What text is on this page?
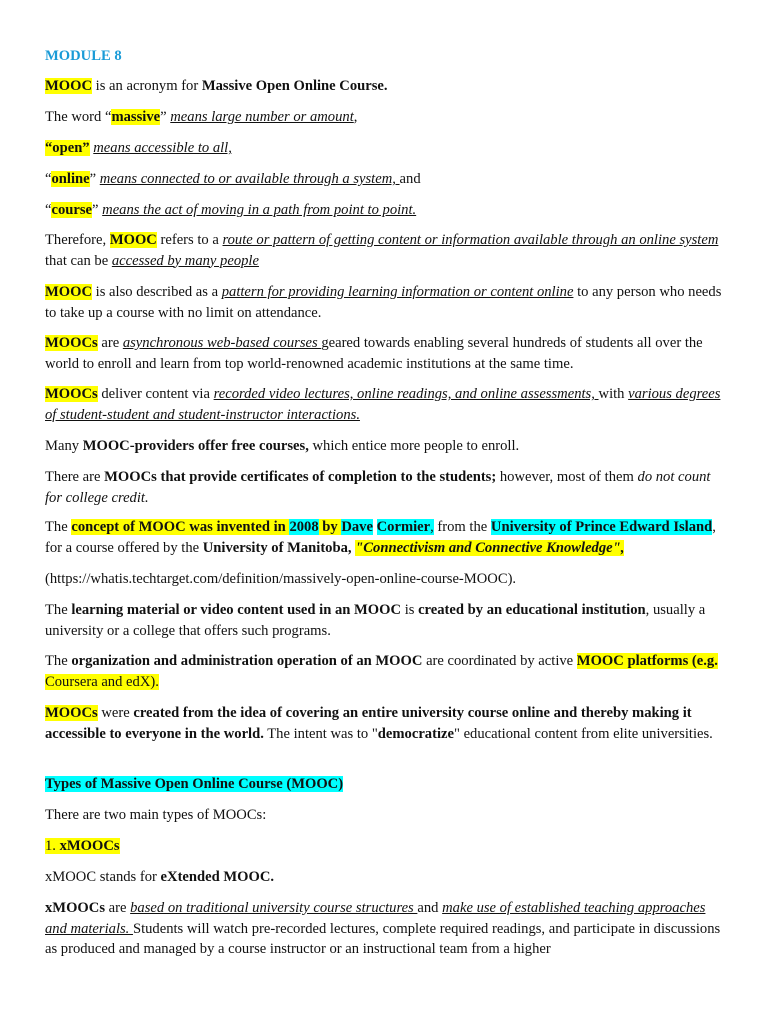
MODULE 8

MOOC is an acronym for Massive Open Online Course.

The word “massive” means large number or amount,

“open” means accessible to all,

“online” means connected to or available through a system, and

“course” means the act of moving in a path from point to point.

Therefore, MOOC refers to a route or pattern of getting content or information available through an online system that can be accessed by many people

MOOC is also described as a pattern for providing learning information or content online to any person who needs to take up a course with no limit on attendance.

MOOCs are asynchronous web-based courses geared towards enabling several hundreds of students all over the world to enroll and learn from top world-renowned academic institutions at the same time.

MOOCs deliver content via recorded video lectures, online readings, and online assessments, with various degrees of student-student and student-instructor interactions.

Many MOOC-providers offer free courses, which entice more people to enroll.

There are MOOCs that provide certificates of completion to the students; however, most of them do not count for college credit.

The concept of MOOC was invented in 2008 by Dave Cormier, from the University of Prince Edward Island, for a course offered by the University of Manitoba, "Connectivism and Connective Knowledge",

(https://whatis.techtarget.com/definition/massively-open-online-course-MOOC).

The learning material or video content used in an MOOC is created by an educational institution, usually a university or a college that offers such programs.

The organization and administration operation of an MOOC are coordinated by active MOOC platforms (e.g. Coursera and edX).

MOOCs were created from the idea of covering an entire university course online and thereby making it accessible to everyone in the world. The intent was to "democratize" educational content from elite universities.

Types of Massive Open Online Course (MOOC)

There are two main types of MOOCs:

1. xMOOCs

xMOOC stands for eXtended MOOC.

xMOOCs are based on traditional university course structures and make use of established teaching approaches and materials. Students will watch pre-recorded lectures, complete required readings, and participate in discussions as produced and managed by a course instructor or an instructional team from a higher
